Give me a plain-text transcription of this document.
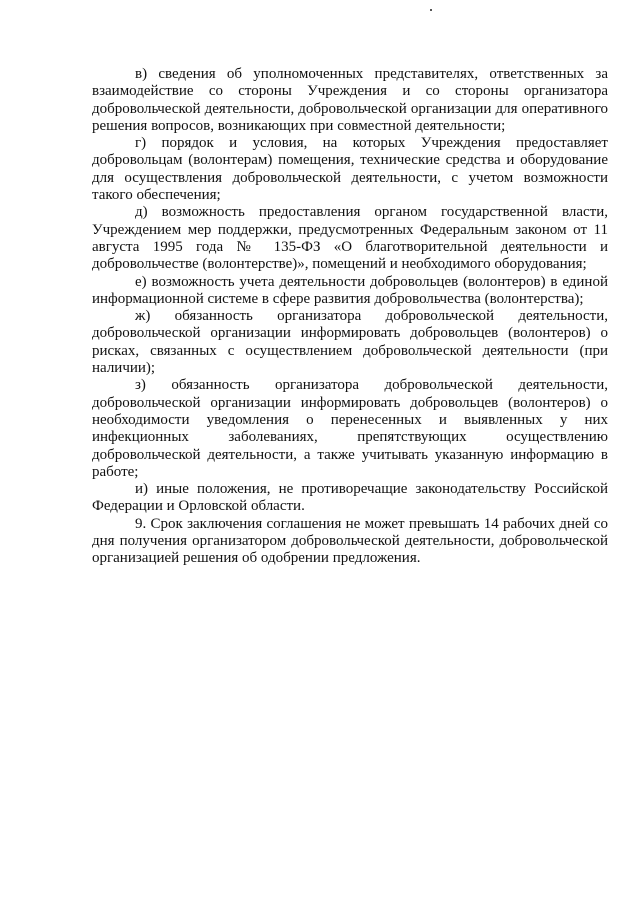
в) сведения об уполномоченных представителях, ответственных за взаимодействие со стороны Учреждения и со стороны организатора добровольческой деятельности, добровольческой организации для оперативного решения вопросов, возникающих при совместной деятельности;

г) порядок и условия, на которых Учреждения предоставляет добровольцам (волонтерам) помещения, технические средства и оборудование для осуществления добровольческой деятельности, с учетом возможности такого обеспечения;

д) возможность предоставления органом государственной власти, Учреждением мер поддержки, предусмотренных Федеральным законом от 11 августа 1995 года № 135-ФЗ «О благотворительной деятельности и добровольчестве (волонтерстве)», помещений и необходимого оборудования;

е) возможность учета деятельности добровольцев (волонтеров) в единой информационной системе в сфере развития добровольчества (волонтерства);

ж) обязанность организатора добровольческой деятельности, добровольческой организации информировать добровольцев (волонтеров) о рисках, связанных с осуществлением добровольческой деятельности (при наличии);

з) обязанность организатора добровольческой деятельности, добровольческой организации информировать добровольцев (волонтеров) о необходимости уведомления о перенесенных и выявленных у них инфекционных заболеваниях, препятствующих осуществлению добровольческой деятельности, а также учитывать указанную информацию в работе;

и) иные положения, не противоречащие законодательству Российской Федерации и Орловской области.

9. Срок заключения соглашения не может превышать 14 рабочих дней со дня получения организатором добровольческой деятельности, добровольческой организацией решения об одобрении предложения.
